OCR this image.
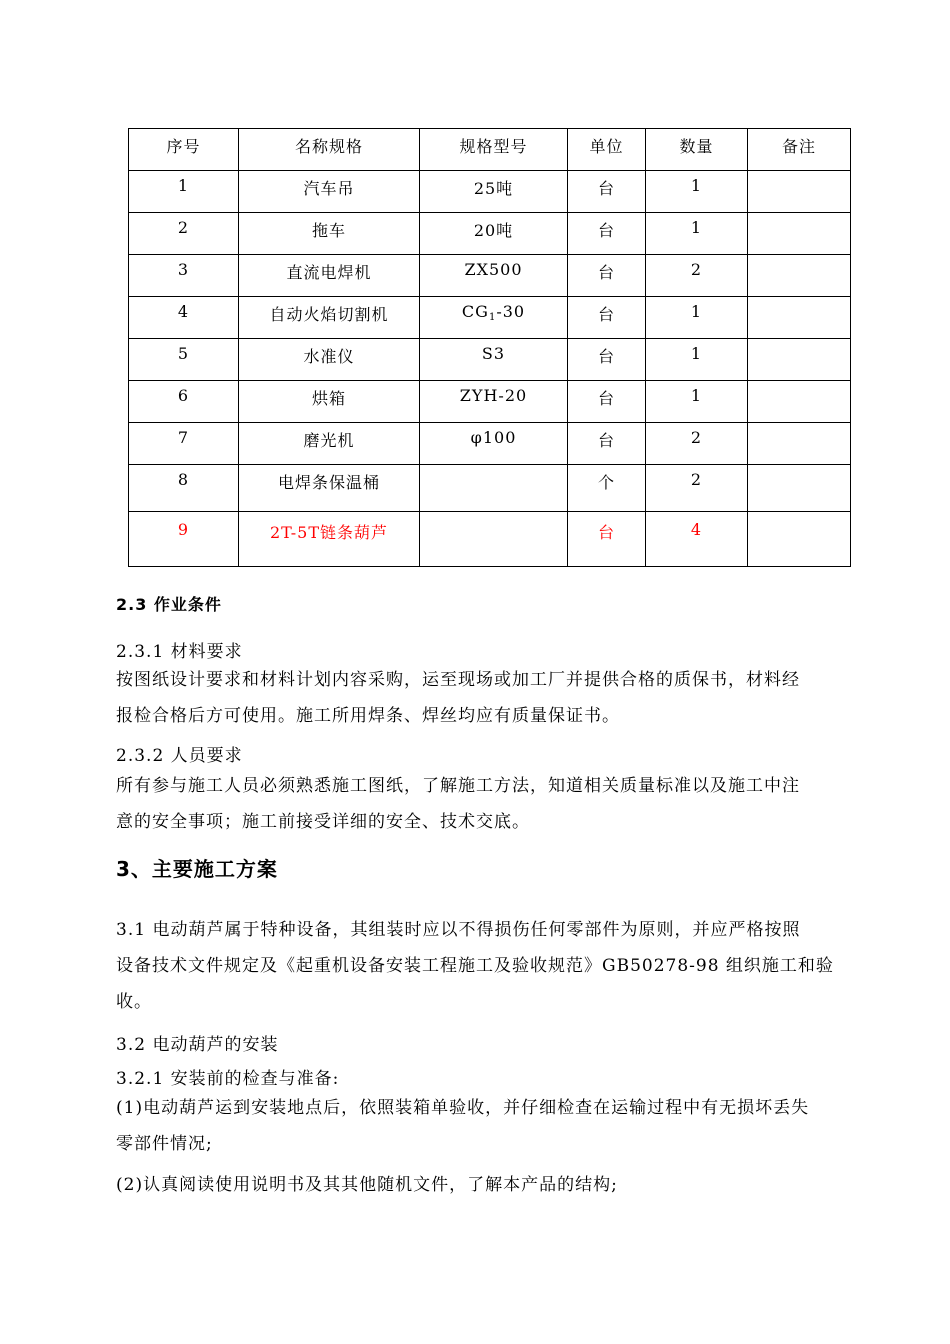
序号	名称规格	规格型号	单位	数量	备注
1	汽车吊	25吨	台	1	
2	拖车	20吨	台	1	
3	直流电焊机	ZX500	台	2	
4	自动火焰切割机	CG1-30	台	1	
5	水准仪	S3	台	1	
6	烘箱	ZYH-20	台	1	
7	磨光机	φ100	台	2	
8	电焊条保温桶		个	2	
9	2T-5T链条葫芦		台	4	
2.3 作业条件
2.3.1 材料要求
按图纸设计要求和材料计划内容采购，运至现场或加工厂并提供合格的质保书，材料经
报检合格后方可使用。施工所用焊条、焊丝均应有质量保证书。
2.3.2 人员要求
所有参与施工人员必须熟悉施工图纸，了解施工方法，知道相关质量标准以及施工中注
意的安全事项；施工前接受详细的安全、技术交底。
3、主要施工方案
3.1 电动葫芦属于特种设备，其组装时应以不得损伤任何零部件为原则，并应严格按照
设备技术文件规定及《起重机设备安装工程施工及验收规范》GB50278-98 组织施工和验
收。
3.2 电动葫芦的安装
3.2.1 安装前的检查与准备:
(1)电动葫芦运到安装地点后，依照装箱单验收，并仔细检查在运输过程中有无损坏丢失
零部件情况;
(2)认真阅读使用说明书及其其他随机文件，了解本产品的结构;
